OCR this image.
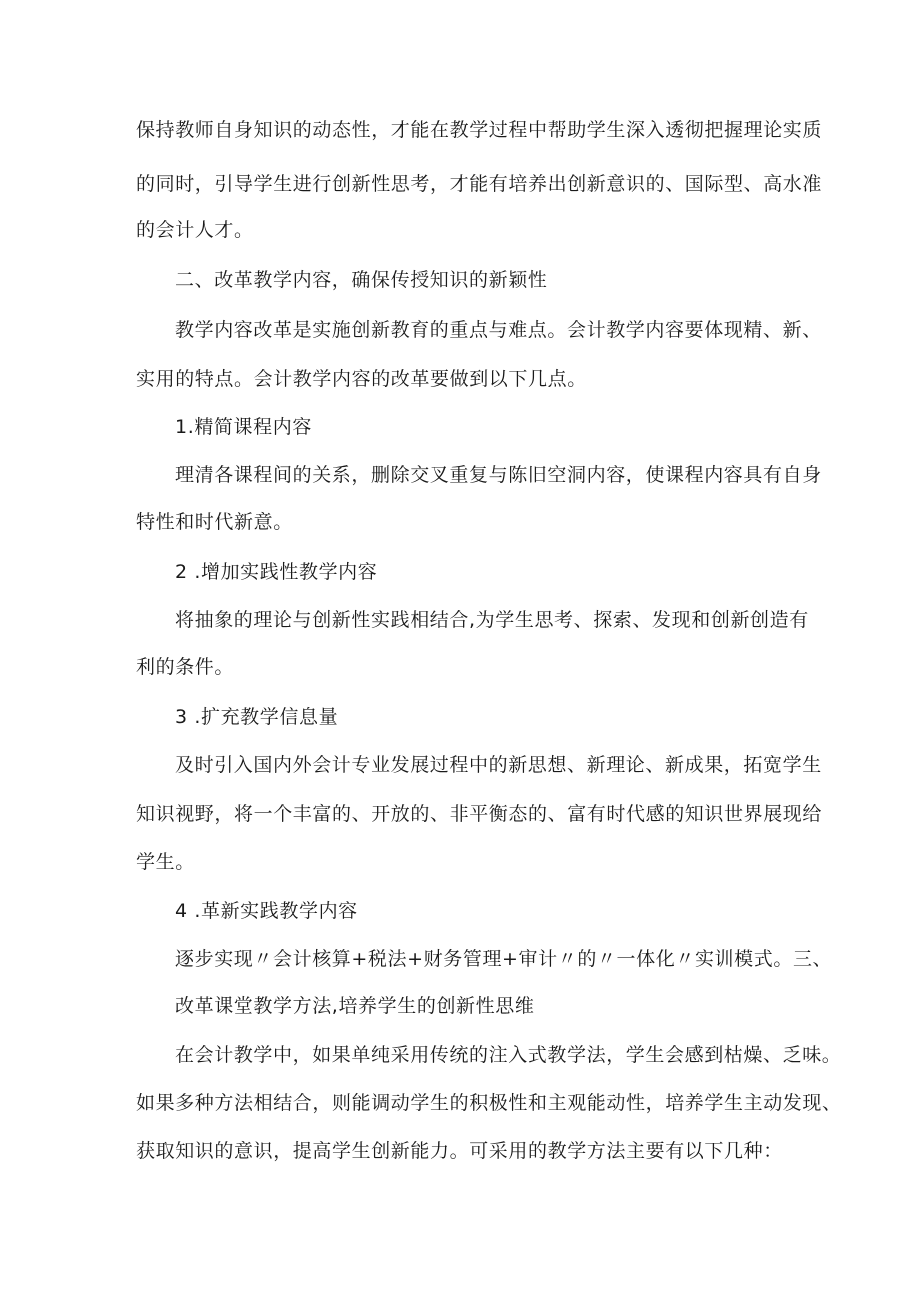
保持教师自身知识的动态性，才能在教学过程中帮助学生深入透彻把握理论实质
的同时，引导学生进行创新性思考，才能有培养出创新意识的、国际型、高水准
的会计人才。
二、改革教学内容，确保传授知识的新颖性
教学内容改革是实施创新教育的重点与难点。会计教学内容要体现精、新、
实用的特点。会计教学内容的改革要做到以下几点。
1.精简课程内容
理清各课程间的关系，删除交叉重复与陈旧空洞内容，使课程内容具有自身
特性和时代新意。
2 .增加实践性教学内容
将抽象的理论与创新性实践相结合,为学生思考、探索、发现和创新创造有
利的条件。
3 .扩充教学信息量
及时引入国内外会计专业发展过程中的新思想、新理论、新成果，拓宽学生
知识视野，将一个丰富的、开放的、非平衡态的、富有时代感的知识世界展现给
学生。
4 .革新实践教学内容
逐步实现〃会计核算+税法+财务管理+审计〃的〃一体化〃实训模式。三、
改革课堂教学方法,培养学生的创新性思维
在会计教学中，如果单纯采用传统的注入式教学法，学生会感到枯燥、乏味。
如果多种方法相结合，则能调动学生的积极性和主观能动性，培养学生主动发现、
获取知识的意识，提高学生创新能力。可采用的教学方法主要有以下几种：
